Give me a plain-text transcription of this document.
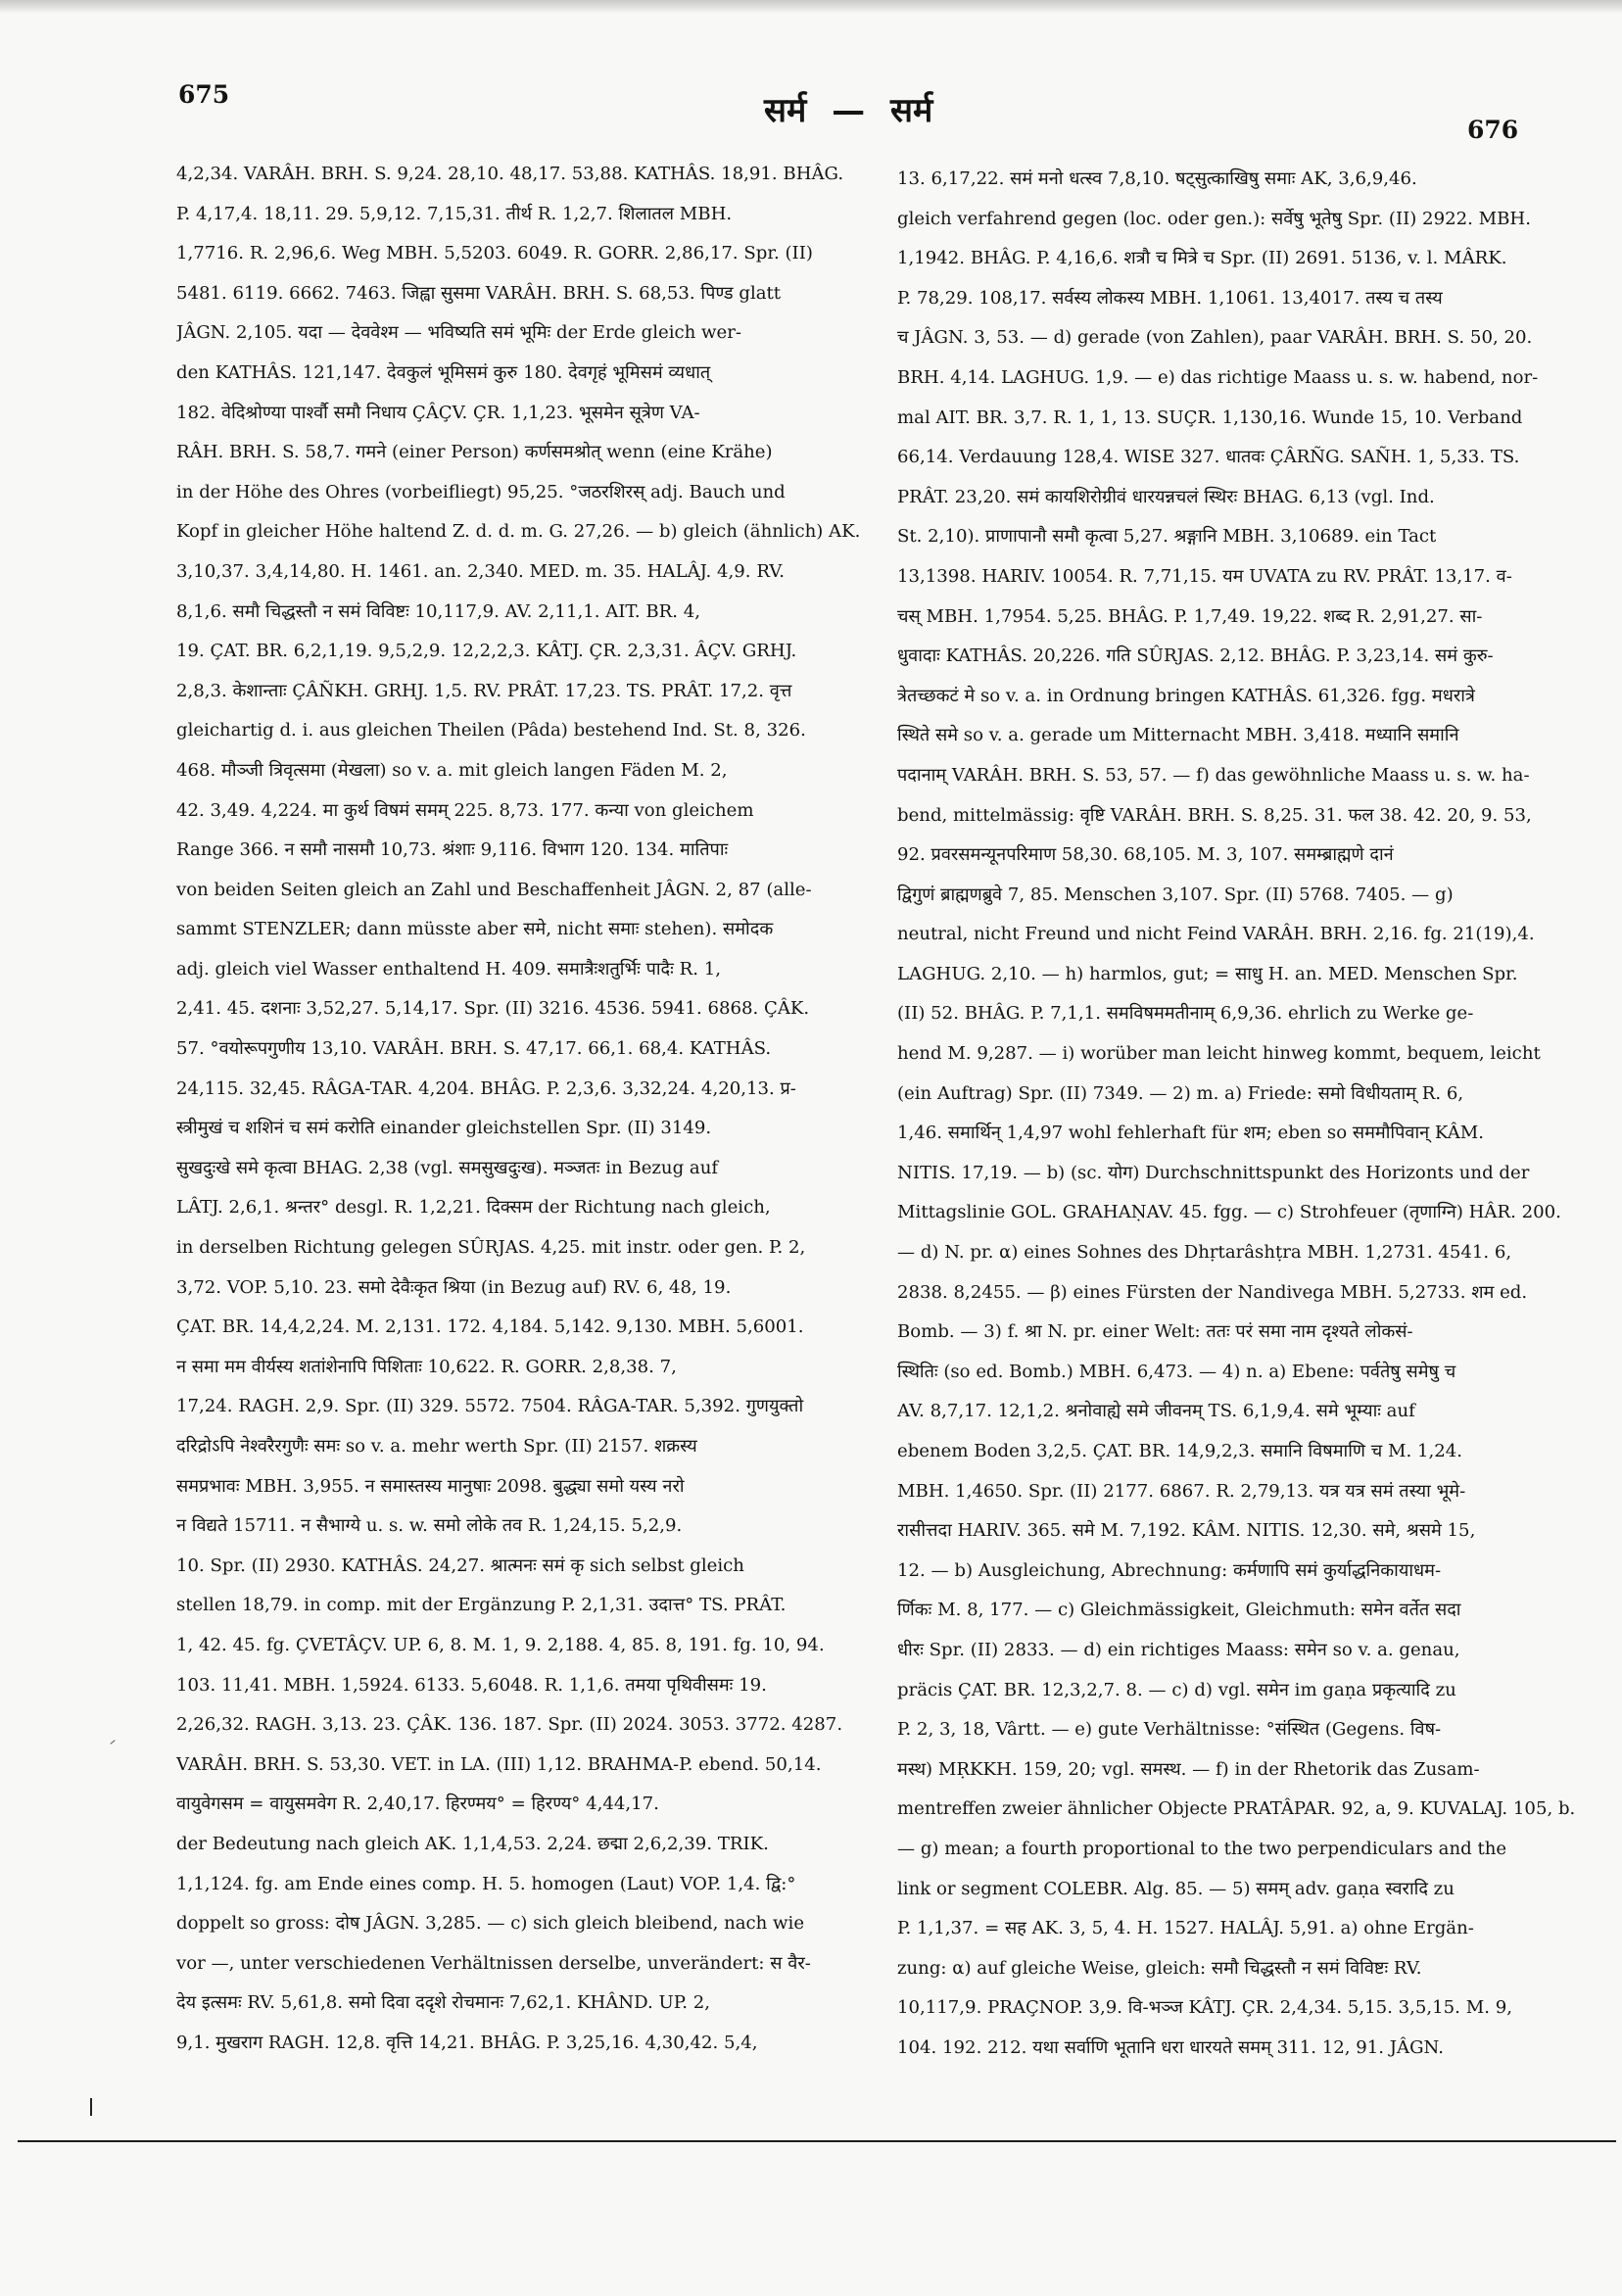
675	सर्म — सर्म	676
4,2,34. VARÂH. BRH. S. 9,24. 28,10. 48,17. 53,88. KATHÂS. 18,91. BHÂG.
P. 4,17,4. 18,11. 29. 5,9,12. 7,15,31. तीर्थ R. 1,2,7. शिलातल MBH.
1,7716. R. 2,96,6. Weg MBH. 5,5203. 6049. R. GORR. 2,86,17. Spr. (II)
5481. 6119. 6662. 7463. जिह्वा सुसमा VARÂH. BRH. S. 68,53. पिण्ड glatt
JÂGN. 2,105. यदा — देववेश्म — भविष्यति समं भूमिः der Erde gleich wer-
den KATHÂS. 121,147. देवकुलं भूमिसमं कुरु 180. देवगृहं भूमिसमं व्यधात्
182. वेदिश्रोण्या पार्श्वौ समौ निधाय ÇÂÇV. ÇR. 1,1,23. भूसमेन सूत्रेण VA-
RÂH. BRH. S. 58,7. गमने (einer Person) कर्णसमश्रोत् wenn (eine Krähe)
in der Höhe des Ohres (vorbeifliegt) 95,25. °जठरशिरस् adj. Bauch und
Kopf in gleicher Höhe haltend Z. d. d. m. G. 27,26. — b) gleich (ähnlich) AK.
3,10,37. 3,4,14,80. H. 1461. an. 2,340. MED. m. 35. HALÂJ. 4,9. RV.
8,1,6. समौ चिद्धस्तौ न समं विविष्टः 10,117,9. AV. 2,11,1. AIT. BR. 4,
19. ÇAT. BR. 6,2,1,19. 9,5,2,9. 12,2,2,3. KÂTJ. ÇR. 2,3,31. ÂÇV. GRHJ.
2,8,3. केशान्ताः ÇÂÑKH. GRHJ. 1,5. RV. PRÂT. 17,23. TS. PRÂT. 17,2. वृत्त
gleichartig d. i. aus gleichen Theilen (Pâda) bestehend Ind. St. 8, 326.
468. मौञ्जी त्रिवृत्समा (मेखला) so v. a. mit gleich langen Fäden M. 2,
42. 3,49. 4,224. मा कुर्थ विषमं समम् 225. 8,73. 177. कन्या von gleichem
Range 366. न समौ नासमौ 10,73. श्रंशाः 9,116. विभाग 120. 134. मातिपाः
von beiden Seiten gleich an Zahl und Beschaffenheit JÂGN. 2, 87 (alle-
sammt STENZLER; dann müsste aber समे, nicht समाः stehen). समोदक
adj. gleich viel Wasser enthaltend H. 409. समात्रैःशतुर्भिः पादैः R. 1,
2,41. 45. दशनाः 3,52,27. 5,14,17. Spr. (II) 3216. 4536. 5941. 6868. ÇÂK.
57. °वयोरूपगुणीय 13,10. VARÂH. BRH. S. 47,17. 66,1. 68,4. KATHÂS.
24,115. 32,45. RÂGA-TAR. 4,204. BHÂG. P. 2,3,6. 3,32,24. 4,20,13. प्र-
स्त्रीमुखं च शशिनं च समं करोति einander gleichstellen Spr. (II) 3149.
सुखदुःखे समे कृत्वा BHAG. 2,38 (vgl. समसुखदुःख). मञ्जतः in Bezug auf
LÂTJ. 2,6,1. श्रन्तर° desgl. R. 1,2,21. दिक्सम der Richtung nach gleich,
in derselben Richtung gelegen SÛRJAS. 4,25. mit instr. oder gen. P. 2,
3,72. VOP. 5,10. 23. समो देवैःकृत श्रिया (in Bezug auf) RV. 6, 48, 19.
ÇAT. BR. 14,4,2,24. M. 2,131. 172. 4,184. 5,142. 9,130. MBH. 5,6001.
न समा मम वीर्यस्य शतांशेनापि पिशिताः 10,622. R. GORR. 2,8,38. 7,
17,24. RAGH. 2,9. Spr. (II) 329. 5572. 7504. RÂGA-TAR. 5,392. गुणयुक्तो
दरिद्रोऽपि नेश्वरैरगुणैः समः so v. a. mehr werth Spr. (II) 2157. शक्रस्य
समप्रभावः MBH. 3,955. न समास्तस्य मानुषाः 2098. बुद्ध्या समो यस्य नरो
न विद्यते 15711. न सैभाग्ये u. s. w. समो लोके तव R. 1,24,15. 5,2,9.
10. Spr. (II) 2930. KATHÂS. 24,27. श्रात्मनः समं कृ sich selbst gleich
stellen 18,79. in comp. mit der Ergänzung P. 2,1,31. उदात्त° TS. PRÂT.
1, 42. 45. fg. ÇVETÂÇV. UP. 6, 8. M. 1, 9. 2,188. 4, 85. 8, 191. fg. 10, 94.
103. 11,41. MBH. 1,5924. 6133. 5,6048. R. 1,1,6. तमया पृथिवीसमः 19.
2,26,32. RAGH. 3,13. 23. ÇÂK. 136. 187. Spr. (II) 2024. 3053. 3772. 4287.
VARÂH. BRH. S. 53,30. VET. in LA. (III) 1,12. BRAHMA-P. ebend. 50,14.
वायुवेगसम = वायुसमवेग R. 2,40,17. हिरण्मय° = हिरण्य° 4,44,17.
der Bedeutung nach gleich AK. 1,1,4,53. 2,24. छद्मा 2,6,2,39. TRIK.
1,1,124. fg. am Ende eines comp. H. 5. homogen (Laut) VOP. 1,4. द्वि:°
doppelt so gross: दोष JÂGN. 3,285. — c) sich gleich bleibend, nach wie
vor —, unter verschiedenen Verhältnissen derselbe, unverändert: स वैर-
देय इत्समः RV. 5,61,8. समो दिवा ददृशे रोचमानः 7,62,1. KHÂND. UP. 2,
9,1. मुखराग RAGH. 12,8. वृत्ति 14,21. BHÂG. P. 3,25,16. 4,30,42. 5,4,
13. 6,17,22. समं मनो धत्स्व 7,8,10. षट्सुत्काखिषु समाः AK, 3,6,9,46.
gleich verfahrend gegen (loc. oder gen.): सर्वेषु भूतेषु Spr. (II) 2922. MBH.
1,1942. BHÂG. P. 4,16,6. शत्रौ च मित्रे च Spr. (II) 2691. 5136, v. l. MÂRK.
P. 78,29. 108,17. सर्वस्य लोकस्य MBH. 1,1061. 13,4017. तस्य च तस्य
च JÂGN. 3, 53. — d) gerade (von Zahlen), paar VARÂH. BRH. S. 50, 20.
BRH. 4,14. LAGHUG. 1,9. — e) das richtige Maass u. s. w. habend, nor-
mal AIT. BR. 3,7. R. 1, 1, 13. SUÇR. 1,130,16. Wunde 15, 10. Verband
66,14. Verdauung 128,4. WISE 327. धातवः ÇÂRÑG. SAÑH. 1, 5,33. TS.
PRÂT. 23,20. समं कायशिरोग्रीवं धारयन्नचलं स्थिरः BHAG. 6,13 (vgl. Ind.
St. 2,10). प्राणापानौ समौ कृत्वा 5,27. श्रङ्गानि MBH. 3,10689. ein Tact
13,1398. HARIV. 10054. R. 7,71,15. यम UVATA zu RV. PRÂT. 13,17. व-
चस् MBH. 1,7954. 5,25. BHÂG. P. 1,7,49. 19,22. शब्द R. 2,91,27. सा-
धुवादाः KATHÂS. 20,226. गति SÛRJAS. 2,12. BHÂG. P. 3,23,14. समं कुरु-
त्रेतच्छकटं मे so v. a. in Ordnung bringen KATHÂS. 61,326. fgg. मधरात्रे
स्थिते समे so v. a. gerade um Mitternacht MBH. 3,418. मध्यानि समानि
पदानाम् VARÂH. BRH. S. 53, 57. — f) das gewöhnliche Maass u. s. w. ha-
bend, mittelmässig: वृष्टि VARÂH. BRH. S. 8,25. 31. फल 38. 42. 20, 9. 53,
92. प्रवरसमन्यूनपरिमाण 58,30. 68,105. M. 3, 107. समम्ब्राह्मणे दानं
द्विगुणं ब्राह्मणब्रुवे 7, 85. Menschen 3,107. Spr. (II) 5768. 7405. — g)
neutral, nicht Freund und nicht Feind VARÂH. BRH. 2,16. fg. 21(19),4.
LAGHUG. 2,10. — h) harmlos, gut; = साधु H. an. MED. Menschen Spr.
(II) 52. BHÂG. P. 7,1,1. समविषममतीनाम् 6,9,36. ehrlich zu Werke ge-
hend M. 9,287. — i) worüber man leicht hinweg kommt, bequem, leicht
(ein Auftrag) Spr. (II) 7349. — 2) m. a) Friede: समो विधीयताम् R. 6,
1,46. समार्थिन् 1,4,97 wohl fehlerhaft für शम; eben so सममौपिवान् KÂM.
NITIS. 17,19. — b) (sc. योग) Durchschnittspunkt des Horizonts und der
Mittagslinie GOL. GRAHAṆAV. 45. fgg. — c) Strohfeuer (तृणाग्नि) HÂR. 200.
— d) N. pr. α) eines Sohnes des Dhṛtarâshṭra MBH. 1,2731. 4541. 6,
2838. 8,2455. — β) eines Fürsten der Nandivega MBH. 5,2733. शम ed.
Bomb. — 3) f. श्रा N. pr. einer Welt: ततः परं समा नाम दृश्यते लोकसं-
स्थितिः (so ed. Bomb.) MBH. 6,473. — 4) n. a) Ebene: पर्वतेषु समेषु च
AV. 8,7,17. 12,1,2. श्रनोवाह्ये समे जीवनम् TS. 6,1,9,4. समे भूम्याः auf
ebenem Boden 3,2,5. ÇAT. BR. 14,9,2,3. समानि विषमाणि च M. 1,24.
MBH. 1,4650. Spr. (II) 2177. 6867. R. 2,79,13. यत्र यत्र समं तस्या भूमे-
रासीत्तदा HARIV. 365. समे M. 7,192. KÂM. NITIS. 12,30. समे, श्रसमे 15,
12. — b) Ausgleichung, Abrechnung: कर्मणापि समं कुर्याद्धनिकायाधम-
र्णिकः M. 8, 177. — c) Gleichmässigkeit, Gleichmuth: समेन वर्तेत सदा
धीरः Spr. (II) 2833. — d) ein richtiges Maass: समेन so v. a. genau,
präcis ÇAT. BR. 12,3,2,7. 8. — c) d) vgl. समेन im gaṇa प्रकृत्यादि zu
P. 2, 3, 18, Vârtt. — e) gute Verhältnisse: °संस्थित (Gegens. विष-
मस्थ) MṚKKH. 159, 20; vgl. समस्थ. — f) in der Rhetorik das Zusam-
mentreffen zweier ähnlicher Objecte PRATÂPAR. 92, a, 9. KUVALAJ. 105, b.
— g) mean; a fourth proportional to the two perpendiculars and the
link or segment COLEBR. Alg. 85. — 5) समम् adv. gaṇa स्वरादि zu
P. 1,1,37. = सह AK. 3, 5, 4. H. 1527. HALÂJ. 5,91. a) ohne Ergän-
zung: α) auf gleiche Weise, gleich: समौ चिद्धस्तौ न समं विविष्टः RV.
10,117,9. PRAÇNOP. 3,9. वि-भञ्ज KÂTJ. ÇR. 2,4,34. 5,15. 3,5,15. M. 9,
104. 192. 212. यथा सर्वाणि भूतानि धरा धारयते समम् 311. 12, 91. JÂGN.
